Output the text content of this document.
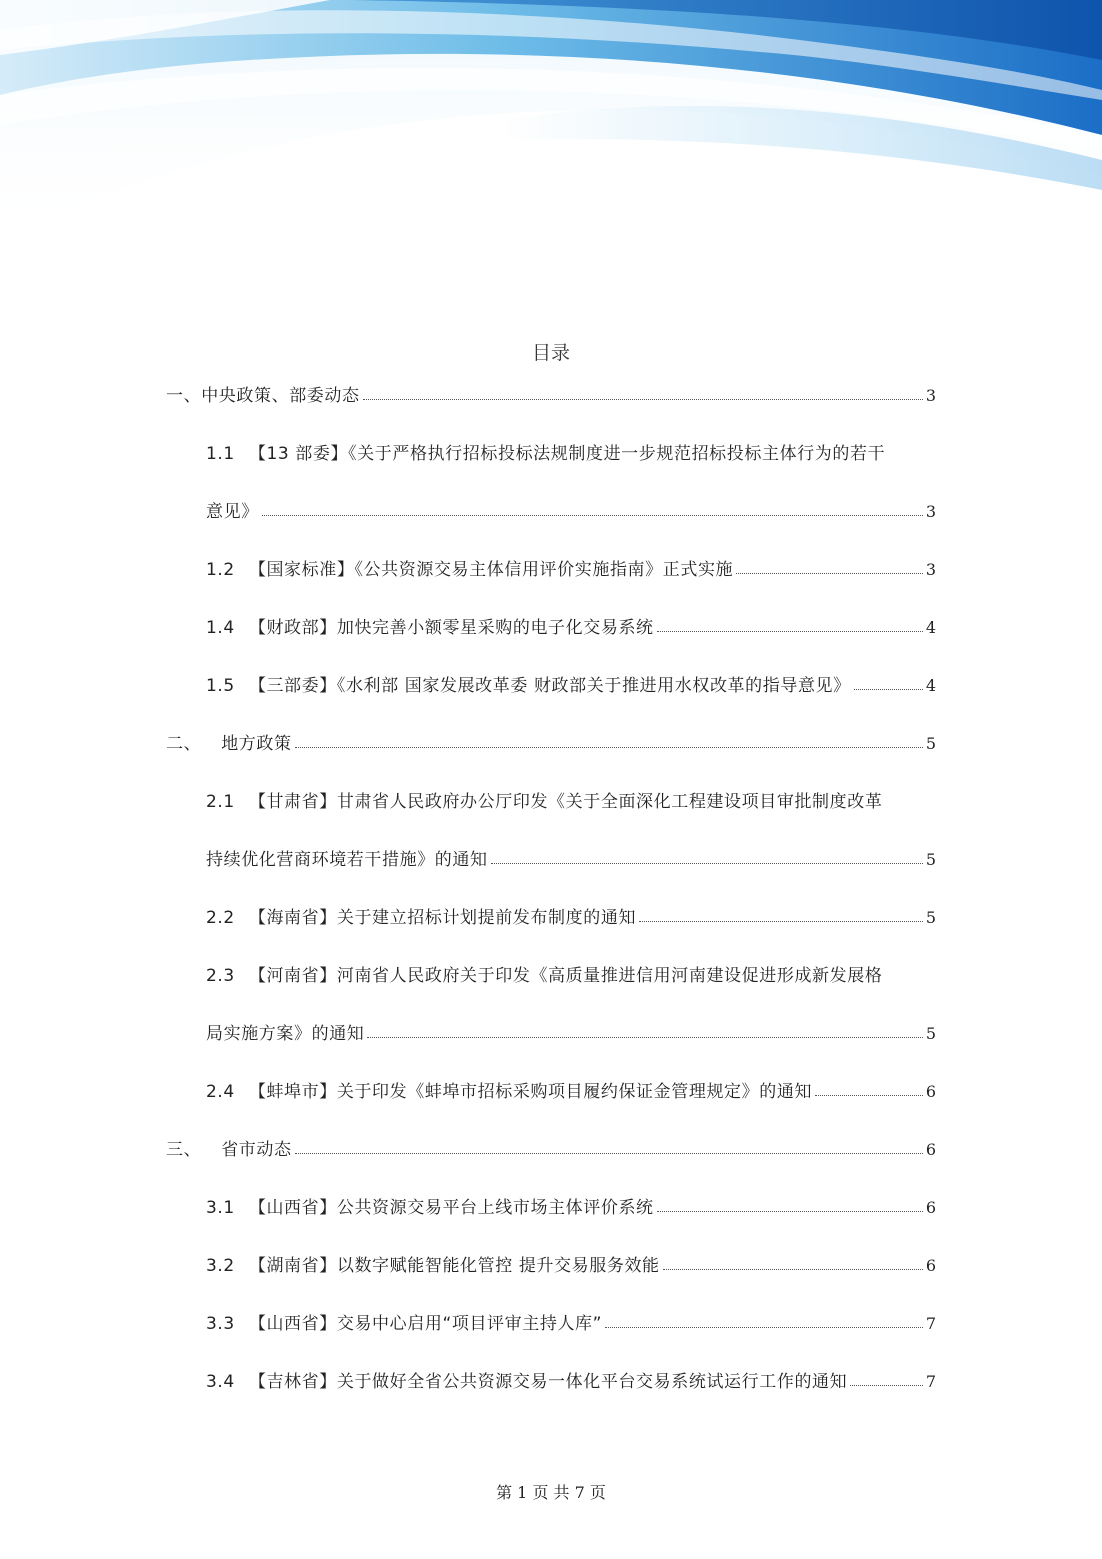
目录
一、中央政策、部委动态	3
1.1 【13 部委】《关于严格执行招标投标法规制度进一步规范招标投标主体行为的若干
意见》	3
1.2 【国家标准】《公共资源交易主体信用评价实施指南》正式实施	3
1.4 【财政部】加快完善小额零星采购的电子化交易系统	4
1.5 【三部委】《水利部 国家发展改革委 财政部关于推进用水权改革的指导意见》	4
二、 地方政策	5
2.1 【甘肃省】甘肃省人民政府办公厅印发《关于全面深化工程建设项目审批制度改革
持续优化营商环境若干措施》的通知	5
2.2 【海南省】关于建立招标计划提前发布制度的通知	5
2.3 【河南省】河南省人民政府关于印发《高质量推进信用河南建设促进形成新发展格
局实施方案》的通知	5
2.4 【蚌埠市】关于印发《蚌埠市招标采购项目履约保证金管理规定》的通知	6
三、 省市动态	6
3.1 【山西省】公共资源交易平台上线市场主体评价系统	6
3.2 【湖南省】以数字赋能智能化管控 提升交易服务效能	6
3.3 【山西省】交易中心启用“项目评审主持人库”	7
3.4 【吉林省】关于做好全省公共资源交易一体化平台交易系统试运行工作的通知	7
第 1 页 共 7 页
